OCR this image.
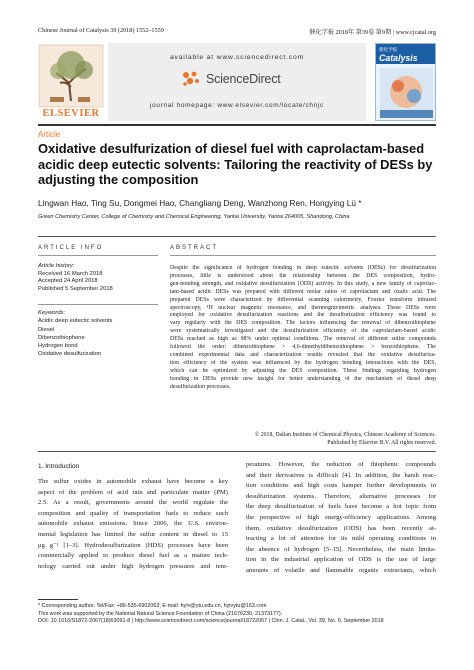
Chinese Journal of Catalysis 39 (2018) 1552–1559	催化学报 2018年 第39卷 第9期 | www.cjcatal.org
ELSEVIER
available at www.sciencedirect.com
ScienceDirect
journal homepage: www.elsevier.com/locate/chnjc
催化学报
Catalysis
Article
Oxidative desulfurization of diesel fuel with caprolactam-based acidic deep eutectic solvents: Tailoring the reactivity of DESs by adjusting the composition
Lingwan Hao, Ting Su, Dongmei Hao, Changliang Deng, Wanzhong Ren, Hongying Lü *
Green Chemistry Center, College of Chemistry and Chemical Engineering, Yantai University, Yantai 264005, Shandong, China
ARTICLE INFO	ABSTRACT
Article history:
Received 16 March 2018
Accepted 24 April 2018
Published 5 September 2018
Keywords:
Acidic deep eutectic solvents
Diesel
Dibenzothiophene
Hydrogen bond
Oxidative desulfurization
Despite the significance of hydrogen bonding in deep eutectic solvents (DESs) for desulfurization
processes, little is understood about the relationship between the DES composition, hydro-
gen-bonding strength, and oxidative desulfurization (ODS) activity. In this study, a new family of caprolac-
tam-based acidic DESs was prepared with different molar ratios of caprolactam and oxalic acid. The
prepared DESs were characterized by differential scanning calorimetry, Fourier transform infrared
spectroscopy, ¹H nuclear magnetic resonance, and thermogravimetric analyses. These DESs were
employed for oxidative desulfurization reactions and the desulfurization efficiency was found to
vary regularly with the DES composition. The factors influencing the removal of dibenzothiophene
were systematically investigated and the desulfurization efficiency of the caprolactam-based acidic
DESs reached as high as 98% under optimal conditions. The removal of different sulfur compounds
followed the order: dibenzothiophene > 4,6-dimethyldibenzothiophene > benzothiophene. The
combined experimental data and characterization results revealed that the oxidative desulfuriza-
tion efficiency of the system was influenced by the hydrogen bonding interactions with the DES,
which can be optimized by adjusting the DES composition. These findings regarding hydrogen
bonding in DESs provide new insight for better understanding of the mechanism of diesel deep
desulfurization processes.
© 2018, Dalian Institute of Chemical Physics, Chinese Academy of Sciences.
Published by Elsevier B.V. All rights reserved.
1. Introduction
The sulfur oxides in automobile exhaust have become a key
aspect of the problem of acid rain and particulate matter (PM)
2.5. As a result, governments around the world regulate the
composition and quality of transportation fuels to reduce such
automobile exhaust emissions. Since 2006, the U.S. environ-
mental legislation has limited the sulfur content in diesel to 15
μg g⁻¹ [1–3]. Hydrodesulfurization (HDS) processes have been
commercially applied to produce diesel fuel as a mature tech-
nology carried out under high hydrogen pressures and tem-
peratures. However, the reduction of thiophenic compounds
and their derivatives is difficult [4]. In addition, the harsh reac-
tion conditions and high costs hamper further developments in
desulfurization systems. Therefore, alternative processes for
the deep desulfurization of fuels have become a hot topic from
the perspective of high energy-efficiency applications. Among
them, oxidative desulfurization (ODS) has been recently at-
tracting a lot of attention for its mild operating conditions in
the absence of hydrogen [5–15]. Nevertheless, the main limita-
tion in the industrial application of ODS is the use of large
amounts of volatile and flammable organic extractants, which
* Corresponding author. Tel/Fax: +86-535-6902063; E-mail: hylv@ytu.edu.cn, hylvytu@163.com
This work was supported by the National Natural Science Foundation of China (21676230, 21373177).
DOI: 10.1016/S1872-2067(18)63091-8 | http://www.sciencedirect.com/science/journal/18722067 | Chin. J. Catal., Vol. 39, No. 9, September 2018
